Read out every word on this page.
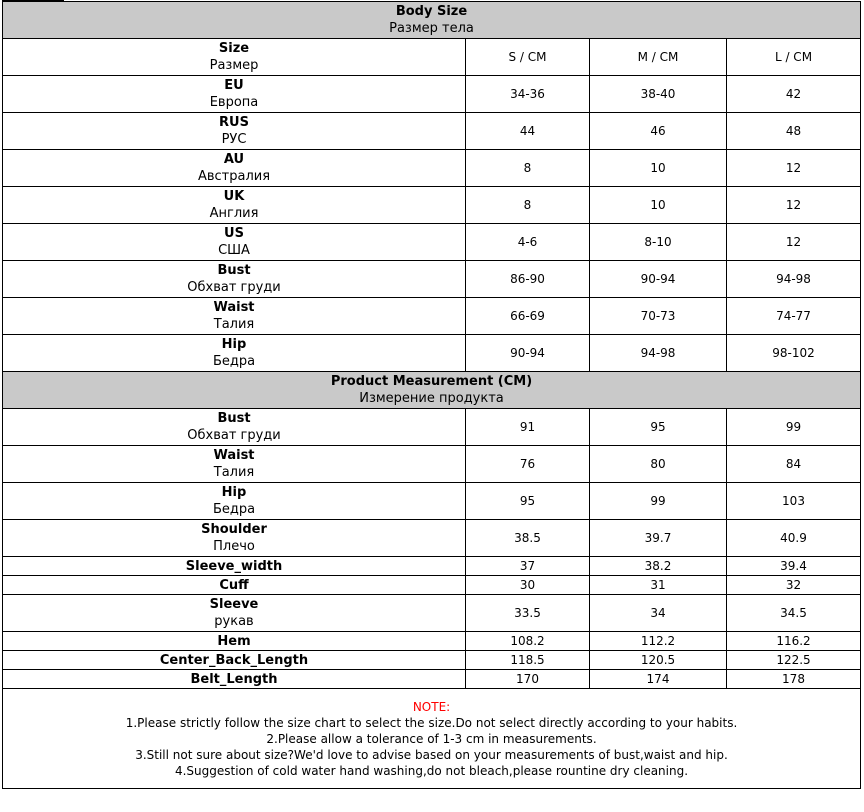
Body Size
Размер тела			

Size
Размер	S / CM	M / CM	L / CM

EU
Европа	34-36	38-40	42

RUS
РУС	44	46	48

AU
Австралия	8	10	12

UK
Англия	8	10	12

US
США	4-6	8-10	12

Bust
Обхват груди	86-90	90-94	94-98

Waist
Талия	66-69	70-73	74-77

Hip
Бедра	90-94	94-98	98-102

Product Measurement (CM)
Измерение продукта			

Bust
Обхват груди	91	95	99

Waist
Талия	76	80	84

Hip
Бедра	95	99	103

Shoulder
Плечо	38.5	39.7	40.9

Sleeve_width	37	38.2	39.4

Cuff	30	31	32

Sleeve
рукав	33.5	34	34.5

Hem	108.2	112.2	116.2

Center_Back_Length	118.5	120.5	122.5

Belt_Length	170	174	178

NOTE:
1.Please strictly follow the size chart to select the size.Do not select directly according to your habits.
2.Please allow a tolerance of 1-3 cm in measurements.
3.Still not sure about size?We'd love to advise based on your measurements of bust,waist and hip.
4.Suggestion of cold water hand washing,do not bleach,please rountine dry cleaning.			
